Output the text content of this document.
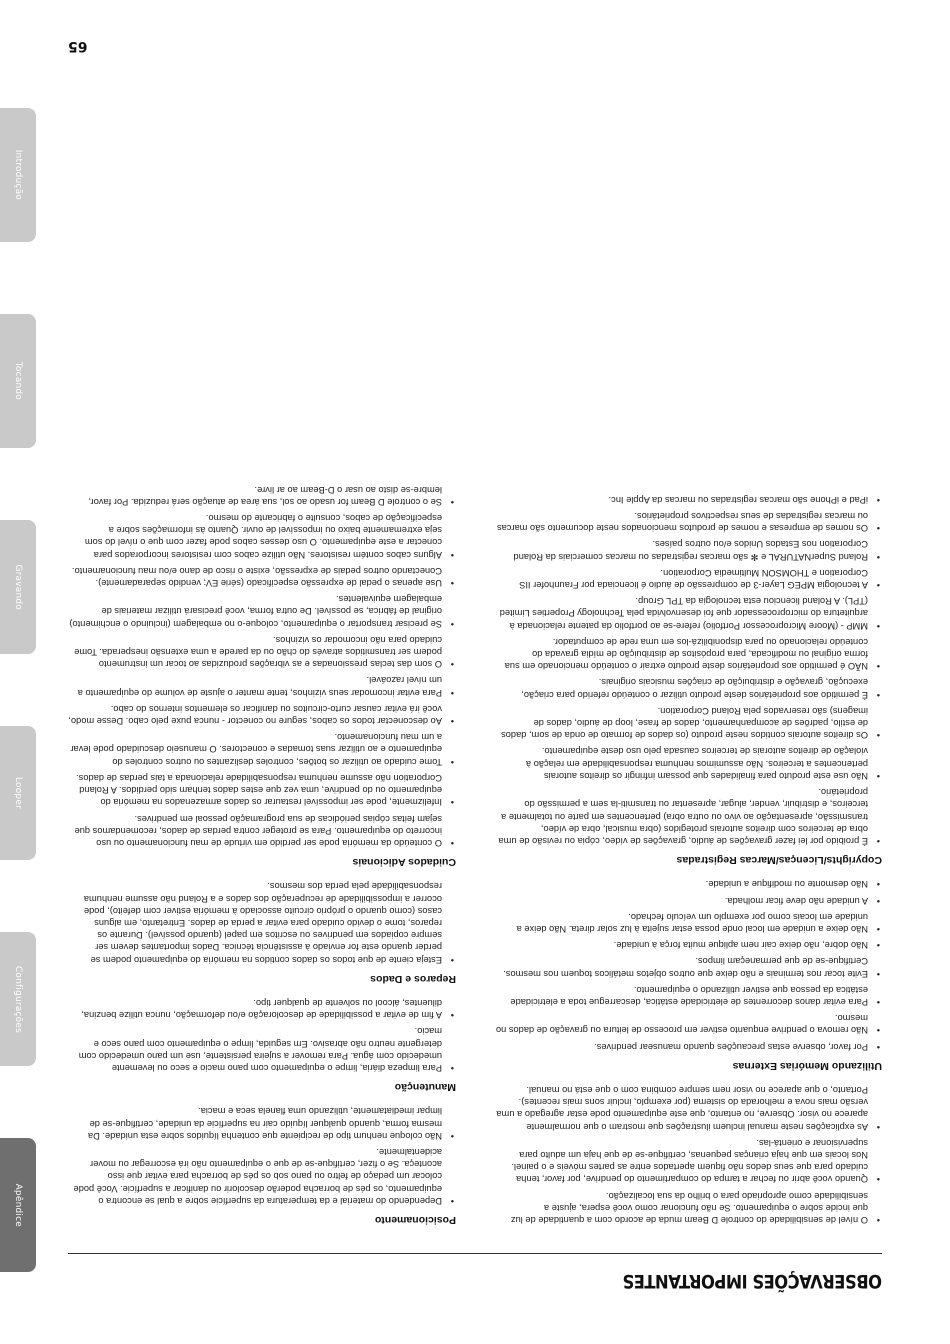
Introdução
Tocando
Gravando
Looper
Configurações
Apêndice
OBSERVAÇÕES IMPORTANTES
• O nível de sensibilidade do controle D Beam muda de acordo com a quantidade de luz que incide sobre o equipamento. Se não funcionar como você espera, ajuste a sensibilidade como apropriado para o brilho da sua localização.
• Quando você abrir ou fechar a tampa do compartimento do pendrive, por favor, tenha cuidado para que seus dedos não fiquem apertados entre as partes móveis e o painel. Nos locais em que haja crianças pequenas, certifique-se de que haja um adulto para supervisionar e orientá-las.
• As explicações neste manual incluem ilustrações que mostram o que normalmente aparece no visor. Observe, no entanto, que este equipamento pode estar agregado a uma versão mais nova e melhorada do sistema (por exemplo, incluir sons mais recentes). Portanto, o que aparece no visor nem sempre combina com o que está no manual.
Utilizando Memórias Externas
• Por favor, observe estas precauções quando manusear pendrives.
• Não remova o pendrive enquanto estiver em processo de leitura ou gravação de dados no mesmo.
• Para evitar danos decorrentes de eletricidade estática, descarregue toda a eletricidade estática da pessoa que estiver utilizando o equipamento.
• Evite tocar nos terminais e não deixe que outros objetos metálicos toquem nos mesmos. Certifique-se de que permaneçam limpos.
• Não dobre, não deixe cair nem aplique muita força à unidade.
• Não deixe a unidade em local onde possa estar sujeita à luz solar direta. Não deixe a unidade em locais como por exemplo um veículo fechado.
• A unidade não deve ficar molhada.
• Não desmonte ou modifique a unidade.
Copyrights/Licenças/Marcas Registradas
• É proibido por lei fazer gravações de áudio, gravações de vídeo, cópia ou revisão de uma obra de terceiros com direitos autorais protegidos (obra musical, obra de vídeo, transmissão, apresentação ao vivo ou outra obra) pertencentes em parte ou totalmente a terceiros, e distribuir, vender, alugar, apresentar ou transmiti-la sem a permissão do proprietário.
• Não use este produto para finalidades que possam infringir os direitos autorais pertencentes a terceiros. Não assumimos nenhuma responsabilidade em relação à violação de direitos autorais de terceiros causada pelo uso deste equipamento.
• Os direitos autorais contidos neste produto (os dados de formato de onda de som, dados de estilo, padrões de acompanhamento, dados de frase, loop de áudio, dados de imagens) são reservados pela Roland Corporation.
• É permitido aos proprietários deste produto utilizar o conteúdo referido para criação, execução, gravação e distribuição de criações musicais originais.
• NÃO é permitido aos proprietários deste produto extrair o conteúdo mencionado em sua forma original ou modificada, para propósitos de distribuição de mídia gravada do conteúdo relacionado ou para disponibilizá-los em uma rede de computador.
• MMP - (Moore Microprocessor Portfolio) refere-se ao portfolio da patente relacionada à arquitetura do microprocessador que foi desenvolvida pela Technology Properties Limited (TPL). A Roland licenciou esta tecnologia da TPL Group.
• A tecnologia MPEG Layer-3 de compressão de áudio é licenciada por Fraunhofer IIS Corporation e THOMSON Multimedia Corporation.
• Roland SuperNATURAL e ✻ são marcas registradas ou marcas comerciais da Roland Corporation nos Estados Unidos e/ou outros países.
• Os nomes de empresas e nomes de produtos mencionados neste documento são marcas ou marcas registradas de seus respectivos proprietários.
• iPad e iPhone são marcas registradas ou marcas da Apple Inc.
Posicionamento
• Dependendo do material e da temperatura da superfície sobre a qual se encontra o equipamento, os pés de borracha poderão descolorir ou danificar a superfície. Você pode colocar um pedaço de feltro ou pano sob os pés de borracha para evitar que isso aconteça. Se o fizer, certifique-se de que o equipamento não irá escorregar ou mover acidentalmente.
• Não coloque nenhum tipo de recipiente que contenha líquidos sobre esta unidade. Da mesma forma, quando qualquer líquido cair na superfície da unidade, certifique-se de limpar imediatamente, utilizando uma flanela seca e macia.
Manutenção
• Para limpeza diária, limpe o equipamento com pano macio e seco ou levemente umedecido com água. Para remover a sujeira persistente, use um pano umedecido com detergente neutro não abrasivo. Em seguida, limpe o equipamento com pano seco e macio.
• A fim de evitar a possibilidade de descoloração e/ou deformação, nunca utilize benzina, diluentes, álcool ou solvente de qualquer tipo.
Reparos e Dados
• Esteja ciente de que todos os dados contidos na memória do equipamento podem se perder quando este for enviado à assistência técnica. Dados importantes devem ser sempre copiados em pendrives ou escritos em papel (quando possível). Durante os reparos, tome o devido cuidado para evitar a perda de dados. Entretanto, em alguns casos (como quando o próprio circuito associado à memória estiver com defeito), pode ocorrer a impossibilidade de recuperação dos dados e a Roland não assume nenhuma responsabilidade pela perda dos mesmos.
Cuidados Adicionais
• O conteúdo da memória pode ser perdido em virtude de mau funcionamento ou uso incorreto do equipamento. Para se proteger contra perdas de dados, recomendamos que sejam feitas cópias periódicas de sua programação pessoal em pendrives.
• Infelizmente, pode ser impossível restaurar os dados armazenados na memória do equipamento ou do pendrive, uma vez que estes dados tenham sido perdidos. A Roland Corporation não assume nenhuma responsabilidade relacionada a tais perdas de dados.
• Tome cuidado ao utilizar os botões, controles deslizantes ou outros controles do equipamento e ao utilizar suas tomadas e conectores. O manuseio descuidado pode levar a um mau funcionamento.
• Ao desconectar todos os cabos, segure no conector - nunca puxe pelo cabo. Desse modo, você irá evitar causar curto-circuitos ou danificar os elementos internos do cabo.
• Para evitar incomodar seus vizinhos, tente manter o ajuste de volume do equipamento a um nível razoável.
• O som das teclas pressionadas e as vibrações produzidas ao tocar um instrumento podem ser transmitidos através do chão ou da parede a uma extensão inesperada. Tome cuidado para não incomodar os vizinhos.
• Se precisar transportar o equipamento, coloque-o no embalagem (incluindo o enchimento) original de fábrica, se possível. De outra forma, você precisará utilizar materiais de embalagem equivalentes.
• Use apenas o pedal de expressão especificado (série EV; vendido separadamente). Conectando outros pedais de expressão, existe o risco de dano e/ou mau funcionamento.
• Alguns cabos contém resistores. Não utilize cabos com resistores incorporados para conectar a este equipamento. O uso desses cabos pode fazer com que o nível do som seja extremamente baixo ou impossível de ouvir. Quanto às informações sobre a especificação de cabos, consulte o fabricante do mesmo.
• Se o controle D Beam for usado ao sol, sua área de atuação será reduzida. Por favor, lembre-se disto ao usar o D-Beam ao ar livre.
65
